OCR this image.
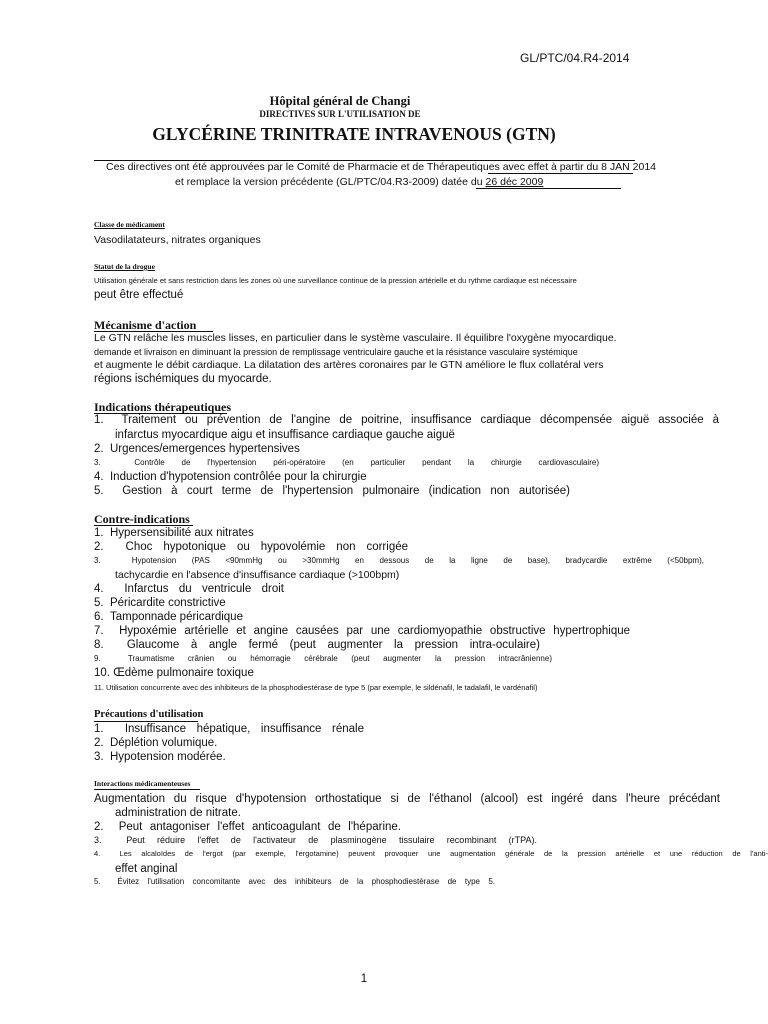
GL/PTC/04.R4-2014
Hôpital général de Changi
DIRECTIVES SUR L'UTILISATION DE
GLYCÉRINE TRINITRATE INTRAVENOUS (GTN)
Ces directives ont été approuvées par le Comité de Pharmacie et de Thérapeutiques avec effet à partir du 8 JAN 2014
et remplace la version précédente (GL/PTC/04.R3-2009) datée du 26 déc 2009
Classe de médicament
Vasodilatateurs, nitrates organiques
Statut de la drogue
Utilisation générale et sans restriction dans les zones où une surveillance continue de la pression artérielle et du rythme cardiaque est nécessaire
peut être effectué
Mécanisme d'action
Le GTN relâche les muscles lisses, en particulier dans le système vasculaire. Il équilibre l'oxygène myocardique.
demande et livraison en diminuant la pression de remplissage ventriculaire gauche et la résistance vasculaire systémique
et augmente le débit cardiaque. La dilatation des artères coronaires par le GTN améliore le flux collatéral vers
régions ischémiques du myocarde.
Indications thérapeutiques
1. Traitement ou prévention de l'angine de poitrine, insuffisance cardiaque décompensée aiguë associée à
infarctus myocardique aigu et insuffisance cardiaque gauche aiguë
2. Urgences/emergences hypertensives
3.	Contrôle de l'hypertension péri-opératoire (en particulier pendant la chirurgie cardiovasculaire)
4. Induction d'hypotension contrôlée pour la chirurgie
5. Gestion à court terme de l'hypertension pulmonaire (indication non autorisée)
Contre-indications
1. Hypersensibilité aux nitrates
2. Choc hypotonique ou hypovolémie non corrigée
3.	Hypotension (PAS <90mmHg ou >30mmHg en dessous de la ligne de base), bradycardie extrême (<50bpm),
tachycardie en l'absence d'insuffisance cardiaque (>100bpm)
4. Infarctus du ventricule droit
5. Péricardite constrictive
6. Tamponnade péricardique
7. Hypoxémie artérielle et angine causées par une cardiomyopathie obstructive hypertrophique
8. Glaucome à angle fermé (peut augmenter la pression intra-oculaire)
9.	Traumatisme crânien ou hémorragie cérébrale (peut augmenter la pression intracrânienne)
10. Œdème pulmonaire toxique
11. Utilisation concurrente avec des inhibiteurs de la phosphodiestérase de type 5 (par exemple, le sildénafil, le tadalafil, le vardénafil)
Précautions d'utilisation
1. Insuffisance hépatique, insuffisance rénale
2. Déplétion volumique.
3. Hypotension modérée.
Interactions médicamenteuses
Augmentation du risque d'hypotension orthostatique si de l'éthanol (alcool) est ingéré dans l'heure précédant
administration de nitrate.
2. Peut antagoniser l'effet anticoagulant de l'héparine.
3.	Peut réduire l'effet de l'activateur de plasminogène tissulaire recombinant (rTPA).
4.	Les alcaloïdes de l'ergot (par exemple, l'ergotamine) peuvent provoquer une augmentation générale de la pression artérielle et une réduction de l'anti-
effet anginal
5. Évitez l'utilisation concomitante avec des inhibiteurs de la phosphodiestérase de type 5.
1
